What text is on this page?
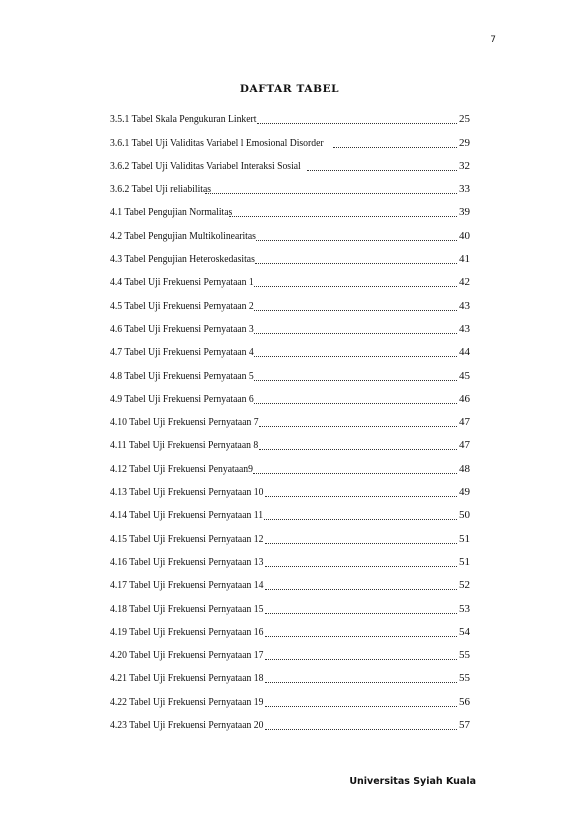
7
DAFTAR TABEL
3.5.1 Tabel Skala Pengukuran Linkert	25
3.6.1 Tabel Uji Validitas Variabel l Emosional Disorder	29
3.6.2 Tabel Uji Validitas Variabel Interaksi Sosial	32
3.6.2 Tabel Uji reliabilitas	33
4.1 Tabel Pengujian Normalitas	39
4.2 Tabel Pengujian Multikolinearitas	40
4.3 Tabel Pengujian Heteroskedasitas	41
4.4 Tabel Uji Frekuensi Pernyataan 1	42
4.5 Tabel Uji Frekuensi Pernyataan 2	43
4.6 Tabel Uji Frekuensi Pernyataan 3	43
4.7 Tabel Uji Frekuensi Pernyataan 4	44
4.8 Tabel Uji Frekuensi Pernyataan 5	45
4.9 Tabel Uji Frekuensi Pernyataan 6	46
4.10 Tabel Uji Frekuensi Pernyataan 7	47
4.11 Tabel Uji Frekuensi Pernyataan 8	47
4.12 Tabel Uji Frekuensi Penyataan9	48
4.13 Tabel Uji Frekuensi Pernyataan 10	49
4.14 Tabel Uji Frekuensi Pernyataan 11	50
4.15 Tabel Uji Frekuensi Pernyataan 12	51
4.16 Tabel Uji Frekuensi Pernyataan 13	51
4.17 Tabel Uji Frekuensi Pernyataan 14	52
4.18 Tabel Uji Frekuensi Pernyataan 15	53
4.19 Tabel Uji Frekuensi Pernyataan 16	54
4.20 Tabel Uji Frekuensi Pernyataan 17	55
4.21 Tabel Uji Frekuensi Pernyataan 18	55
4.22 Tabel Uji Frekuensi Pernyataan 19	56
4.23 Tabel Uji Frekuensi Pernyataan 20	57
Universitas Syiah Kuala
